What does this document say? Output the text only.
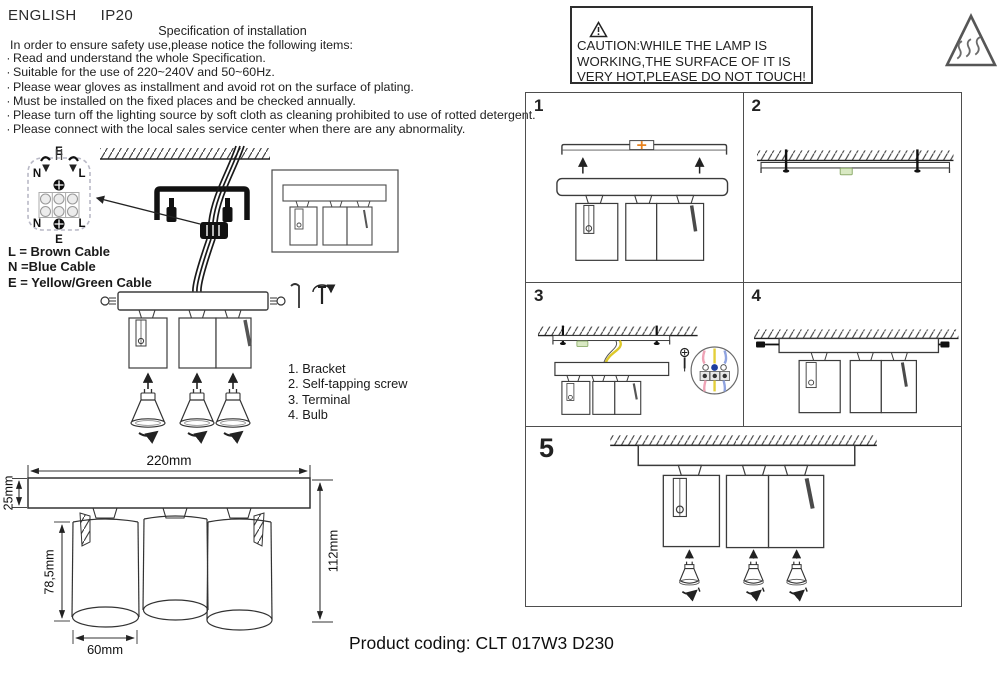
ENGLISH IP20
Specification of installation
In order to ensure safety use,please notice the following items:
· Read and understand the whole Specification.
· Suitable for the use of 220~240V and 50~60Hz.
· Please wear gloves as installment and avoid rot on the surface of plating.
· Must be installed on the fixed places and be checked annually.
· Please turn off the lighting source by soft cloth as cleaning prohibited to use of rotted detergent.
· Please connect with the local sales service center when there are any abnormality.
CAUTION:WHILE THE LAMP IS
WORKING,THE SURFACE OF IT IS
VERY HOT,PLEASE DO NOT TOUCH!
E
N	L
N	L
E
L = Brown Cable
N =Blue Cable
E = Yellow/Green Cable
1. Bracket
2. Self-tapping screw
3. Terminal
4. Bulb
220mm
25mm
78,5mm
60mm
112mm
1	2
3	4
5
Product coding: CLT 017W3 D230
